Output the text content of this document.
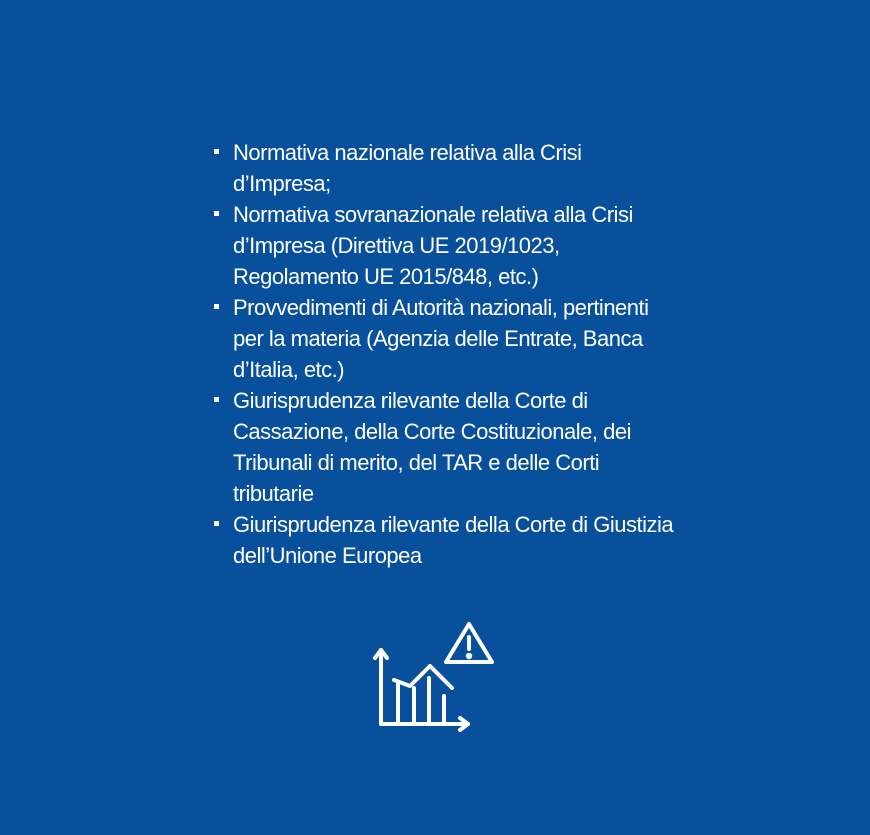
Normativa nazionale relativa alla Crisi d’Impresa;
Normativa sovranazionale relativa alla Crisi d’Impresa (Direttiva UE 2019/1023, Regolamento UE 2015/848, etc.)
Provvedimenti di Autorità nazionali, pertinenti per la materia (Agenzia delle Entrate, Banca d’Italia, etc.)
Giurisprudenza rilevante della Corte di Cassazione, della Corte Costituzionale, dei Tribunali di merito, del TAR e delle Corti tributarie
Giurisprudenza rilevante della Corte di Giustizia dell’Unione Europea
